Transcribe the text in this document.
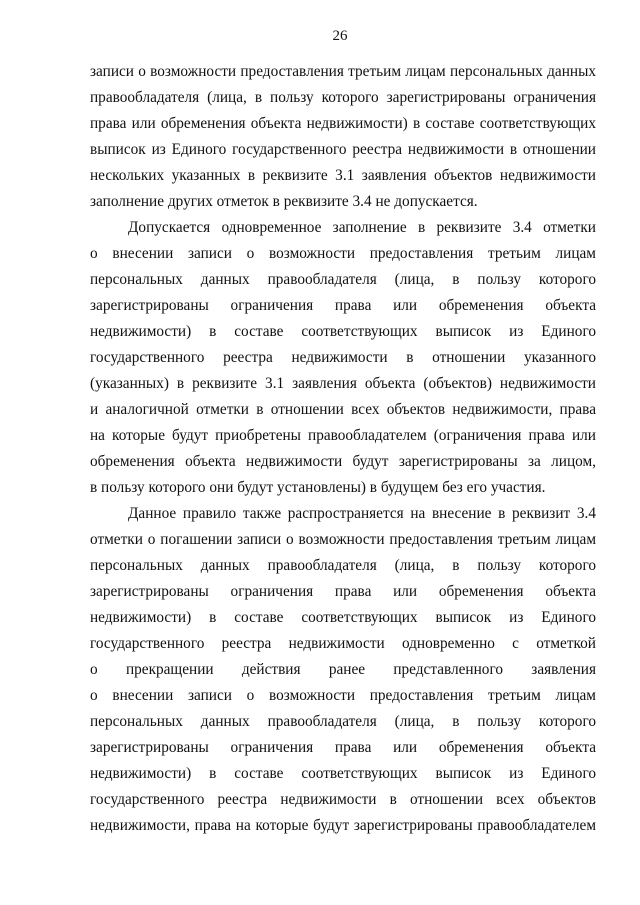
26
записи о возможности предоставления третьим лицам персональных данных
правообладателя (лица, в пользу которого зарегистрированы ограничения
права или обременения объекта недвижимости) в составе соответствующих
выписок из Единого государственного реестра недвижимости в отношении
нескольких указанных в реквизите 3.1 заявления объектов недвижимости
заполнение других отметок в реквизите 3.4 не допускается.
Допускается одновременное заполнение в реквизите 3.4 отметки
о внесении записи о возможности предоставления третьим лицам
персональных данных правообладателя (лица, в пользу которого
зарегистрированы ограничения права или обременения объекта
недвижимости) в составе соответствующих выписок из Единого
государственного реестра недвижимости в отношении указанного
(указанных) в реквизите 3.1 заявления объекта (объектов) недвижимости
и аналогичной отметки в отношении всех объектов недвижимости, права
на которые будут приобретены правообладателем (ограничения права или
обременения объекта недвижимости будут зарегистрированы за лицом,
в пользу которого они будут установлены) в будущем без его участия.
Данное правило также распространяется на внесение в реквизит 3.4
отметки о погашении записи о возможности предоставления третьим лицам
персональных данных правообладателя (лица, в пользу которого
зарегистрированы ограничения права или обременения объекта
недвижимости) в составе соответствующих выписок из Единого
государственного реестра недвижимости одновременно с отметкой
о прекращении действия ранее представленного заявления
о внесении записи о возможности предоставления третьим лицам
персональных данных правообладателя (лица, в пользу которого
зарегистрированы ограничения права или обременения объекта
недвижимости) в составе соответствующих выписок из Единого
государственного реестра недвижимости в отношении всех объектов
недвижимости, права на которые будут зарегистрированы правообладателем
